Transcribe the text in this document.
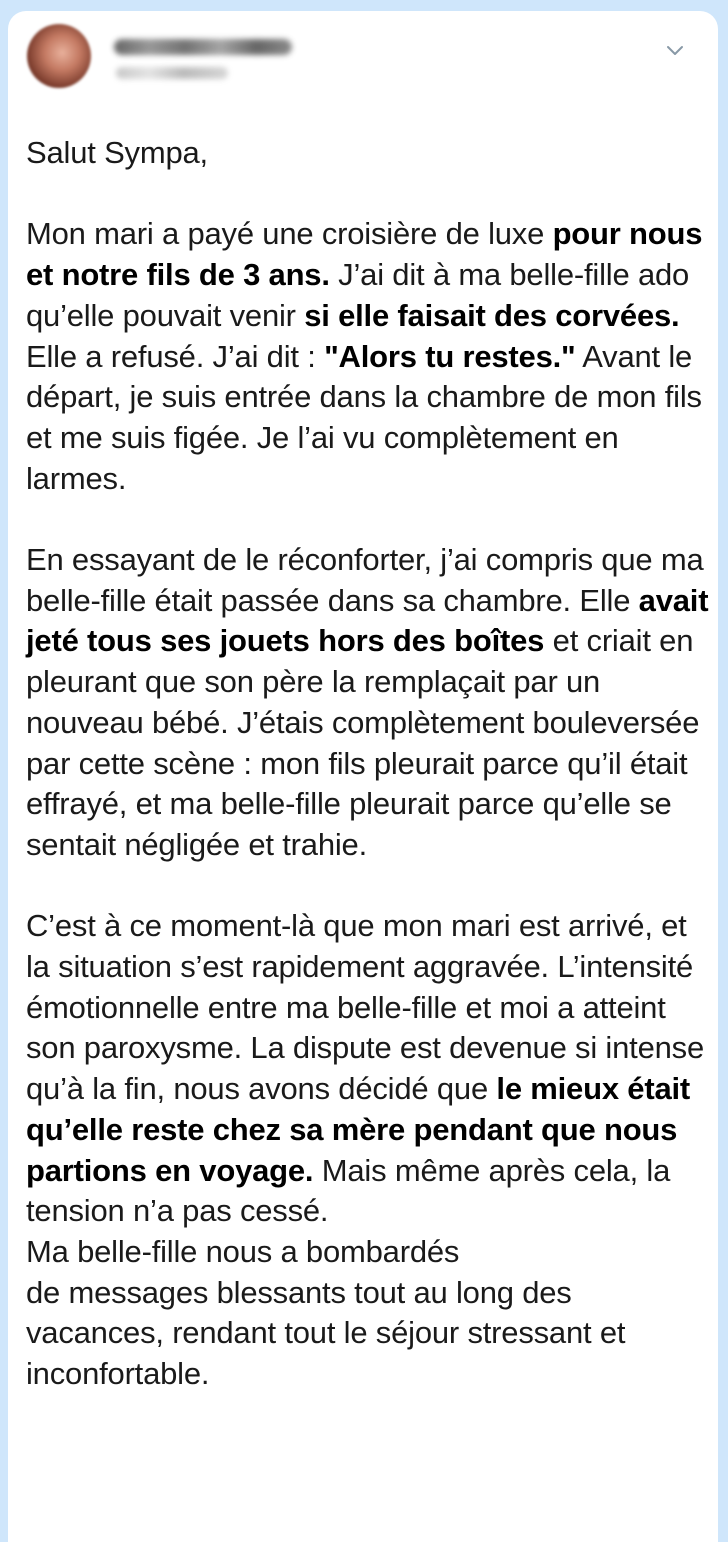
Salut Sympa,

Mon mari a payé une croisière de luxe pour nous et notre fils de 3 ans. J’ai dit à ma belle-fille ado qu’elle pouvait venir si elle faisait des corvées. Elle a refusé. J’ai dit : "Alors tu restes." Avant le départ, je suis entrée dans la chambre de mon fils et me suis figée. Je l’ai vu complètement en larmes.

En essayant de le réconforter, j’ai compris que ma belle-fille était passée dans sa chambre. Elle avait jeté tous ses jouets hors des boîtes et criait en pleurant que son père la remplaçait par un nouveau bébé. J’étais complètement bouleversée par cette scène : mon fils pleurait parce qu’il était effrayé, et ma belle-fille pleurait parce qu’elle se sentait négligée et trahie.

C’est à ce moment-là que mon mari est arrivé, et la situation s’est rapidement aggravée. L’intensité émotionnelle entre ma belle-fille et moi a atteint son paroxysme. La dispute est devenue si intense qu’à la fin, nous avons décidé que le mieux était qu’elle reste chez sa mère pendant que nous partions en voyage. Mais même après cela, la tension n’a pas cessé.
Ma belle-fille nous a bombardés
de messages blessants tout au long des vacances, rendant tout le séjour stressant et inconfortable.
